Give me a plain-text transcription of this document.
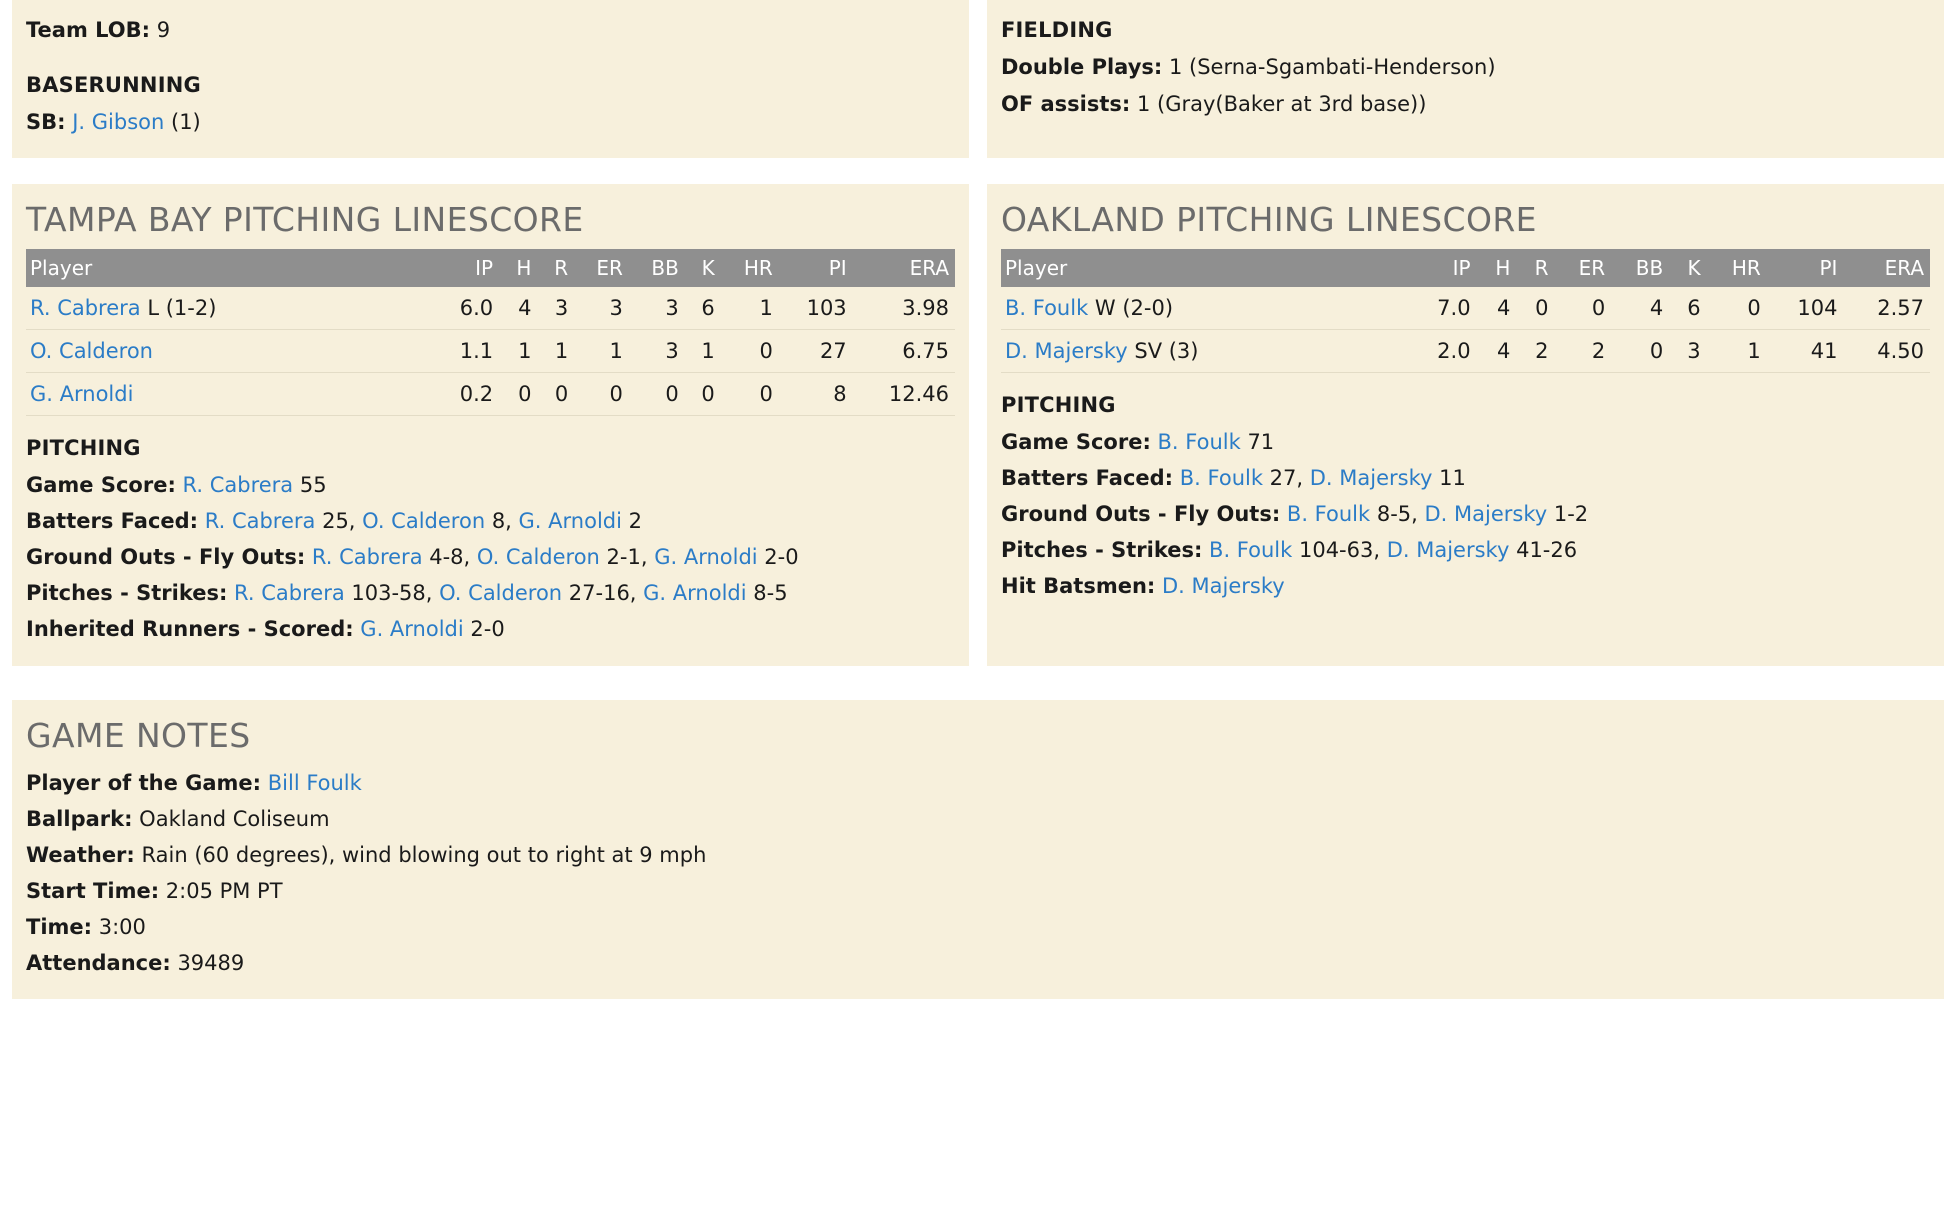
Team LOB: 9
BASERUNNING
SB: J. Gibson (1)
FIELDING
Double Plays: 1 (Serna-Sgambati-Henderson)
OF assists: 1 (Gray(Baker at 3rd base))
TAMPA BAY PITCHING LINESCORE
Player	IP	H	R	ER	BB	K	HR	PI	ERA
R. Cabrera L (1-2)	6.0	4	3	3	3	6	1	103	3.98
O. Calderon	1.1	1	1	1	3	1	0	27	6.75
G. Arnoldi	0.2	0	0	0	0	0	0	8	12.46
PITCHING
Game Score: R. Cabrera 55
Batters Faced: R. Cabrera 25, O. Calderon 8, G. Arnoldi 2
Ground Outs - Fly Outs: R. Cabrera 4-8, O. Calderon 2-1, G. Arnoldi 2-0
Pitches - Strikes: R. Cabrera 103-58, O. Calderon 27-16, G. Arnoldi 8-5
Inherited Runners - Scored: G. Arnoldi 2-0
OAKLAND PITCHING LINESCORE
Player	IP	H	R	ER	BB	K	HR	PI	ERA
B. Foulk W (2-0)	7.0	4	0	0	4	6	0	104	2.57
D. Majersky SV (3)	2.0	4	2	2	0	3	1	41	4.50
PITCHING
Game Score: B. Foulk 71
Batters Faced: B. Foulk 27, D. Majersky 11
Ground Outs - Fly Outs: B. Foulk 8-5, D. Majersky 1-2
Pitches - Strikes: B. Foulk 104-63, D. Majersky 41-26
Hit Batsmen: D. Majersky
GAME NOTES
Player of the Game: Bill Foulk
Ballpark: Oakland Coliseum
Weather: Rain (60 degrees), wind blowing out to right at 9 mph
Start Time: 2:05 PM PT
Time: 3:00
Attendance: 39489
